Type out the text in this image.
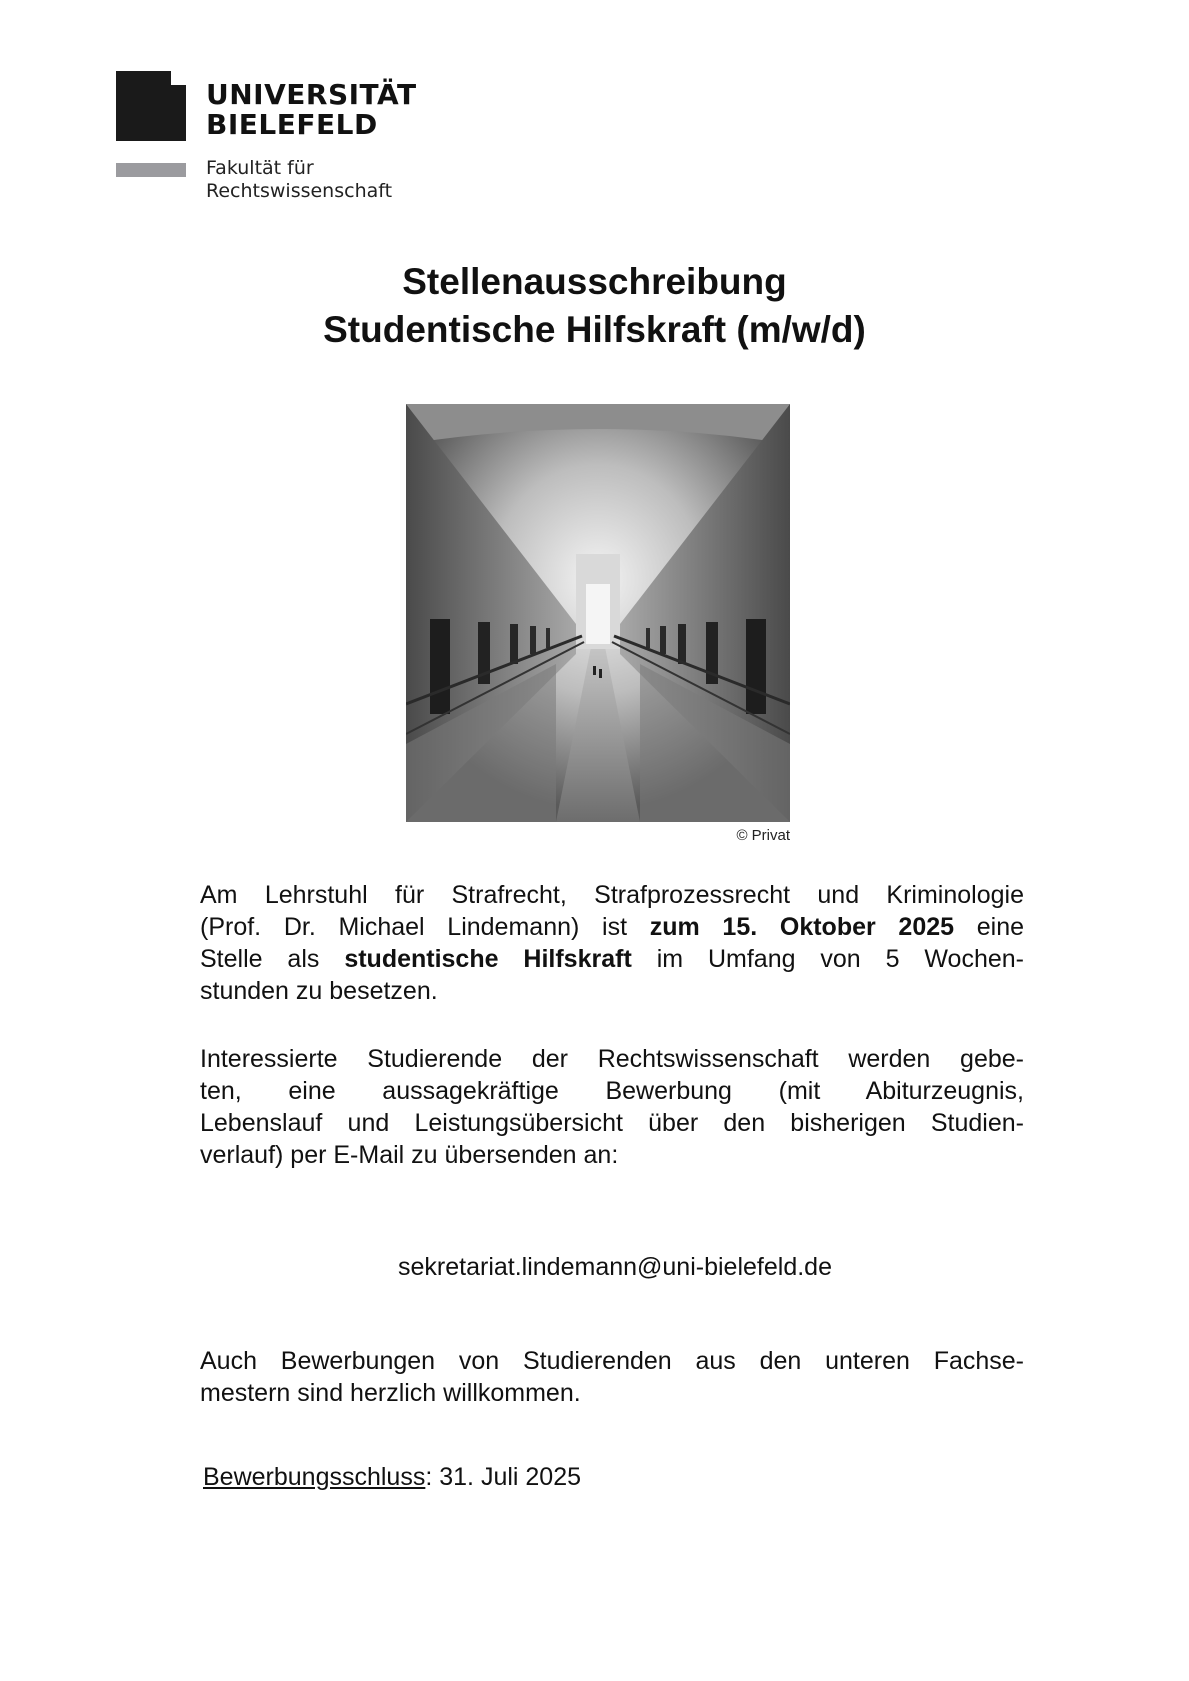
UNIVERSITÄT
BIELEFELD
Fakultät für
Rechtswissenschaft
Stellenausschreibung
Studentische Hilfskraft (m/w/d)
© Privat
Am Lehrstuhl für Strafrecht, Strafprozessrecht und Kriminologie
(Prof. Dr. Michael Lindemann) ist zum 15. Oktober 2025 eine
Stelle als studentische Hilfskraft im Umfang von 5 Wochen-
stunden zu besetzen.
Interessierte Studierende der Rechtswissenschaft werden gebe-
ten, eine aussagekräftige Bewerbung (mit Abiturzeugnis,
Lebenslauf und Leistungsübersicht über den bisherigen Studien-
verlauf) per E-Mail zu übersenden an:
sekretariat.lindemann@uni-bielefeld.de
Auch Bewerbungen von Studierenden aus den unteren Fachse-
mestern sind herzlich willkommen.
Bewerbungsschluss: 31. Juli 2025
